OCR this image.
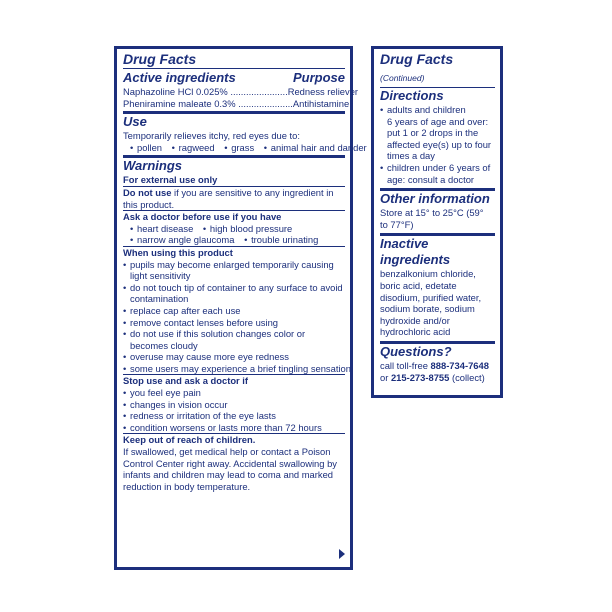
Drug Facts
Active ingredients	Purpose
Naphazoline HCl 0.025% ...................... Redness reliever
Pheniramine maleate 0.3% ..................... Antihistamine
Use
Temporarily relieves itchy, red eyes due to:
• pollen • ragweed • grass • animal hair and dander
Warnings
For external use only
Do not use if you are sensitive to any ingredient in
this product.
Ask a doctor before use if you have
• heart disease • high blood pressure
• narrow angle glaucoma • trouble urinating
When using this product
• pupils may become enlarged temporarily causing
light sensitivity
• do not touch tip of container to any surface to avoid
contamination
• replace cap after each use
• remove contact lenses before using
• do not use if this solution changes color or
becomes cloudy
• overuse may cause more eye redness
• some users may experience a brief tingling sensation
Stop use and ask a doctor if
• you feel eye pain
• changes in vision occur
• redness or irritation of the eye lasts
• condition worsens or lasts more than 72 hours
Keep out of reach of children.
If swallowed, get medical help or contact a Poison
Control Center right away. Accidental swallowing by
infants and children may lead to coma and marked
reduction in body temperature.
Drug Facts (Continued)
Directions
• adults and children
6 years of age and over:
put 1 or 2 drops in the
affected eye(s) up to four
times a day
• children under 6 years of
age: consult a doctor
Other information
Store at 15° to 25°C (59°
to 77°F)
Inactive ingredients
benzalkonium chloride,
boric acid, edetate
disodium, purified water,
sodium borate, sodium
hydroxide and/or
hydrochloric acid
Questions?
call toll-free 888-734-7648
or 215-273-8755 (collect)
